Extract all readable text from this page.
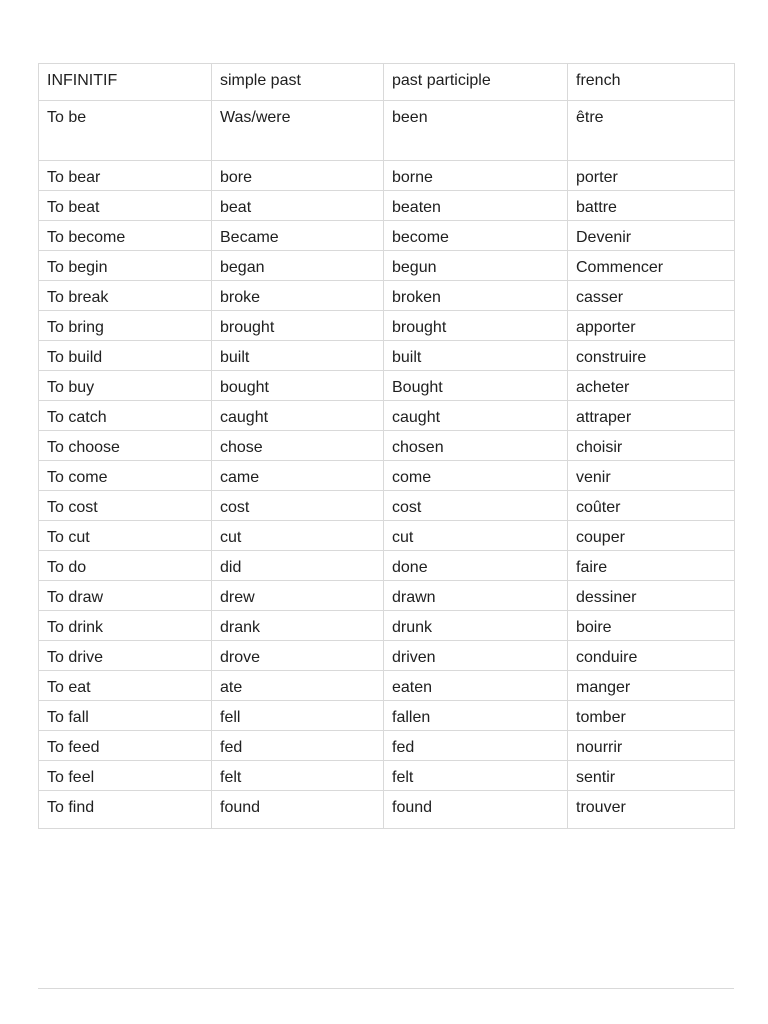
INFINITIF	simple past	past participle	french
To be	Was/were	been	être
To bear	bore	borne	porter
To beat	beat	beaten	battre
To become	Became	become	Devenir
To begin	began	begun	Commencer
To break	broke	broken	casser
To bring	brought	brought	apporter
To build	built	built	construire
To buy	bought	Bought	acheter
To catch	caught	caught	attraper
To choose	chose	chosen	choisir
To come	came	come	venir
To cost	cost	cost	coûter
To cut	cut	cut	couper
To do	did	done	faire
To draw	drew	drawn	dessiner
To drink	drank	drunk	boire
To drive	drove	driven	conduire
To eat	ate	eaten	manger
To fall	fell	fallen	tomber
To feed	fed	fed	nourrir
To feel	felt	felt	sentir
To find	found	found	trouver
